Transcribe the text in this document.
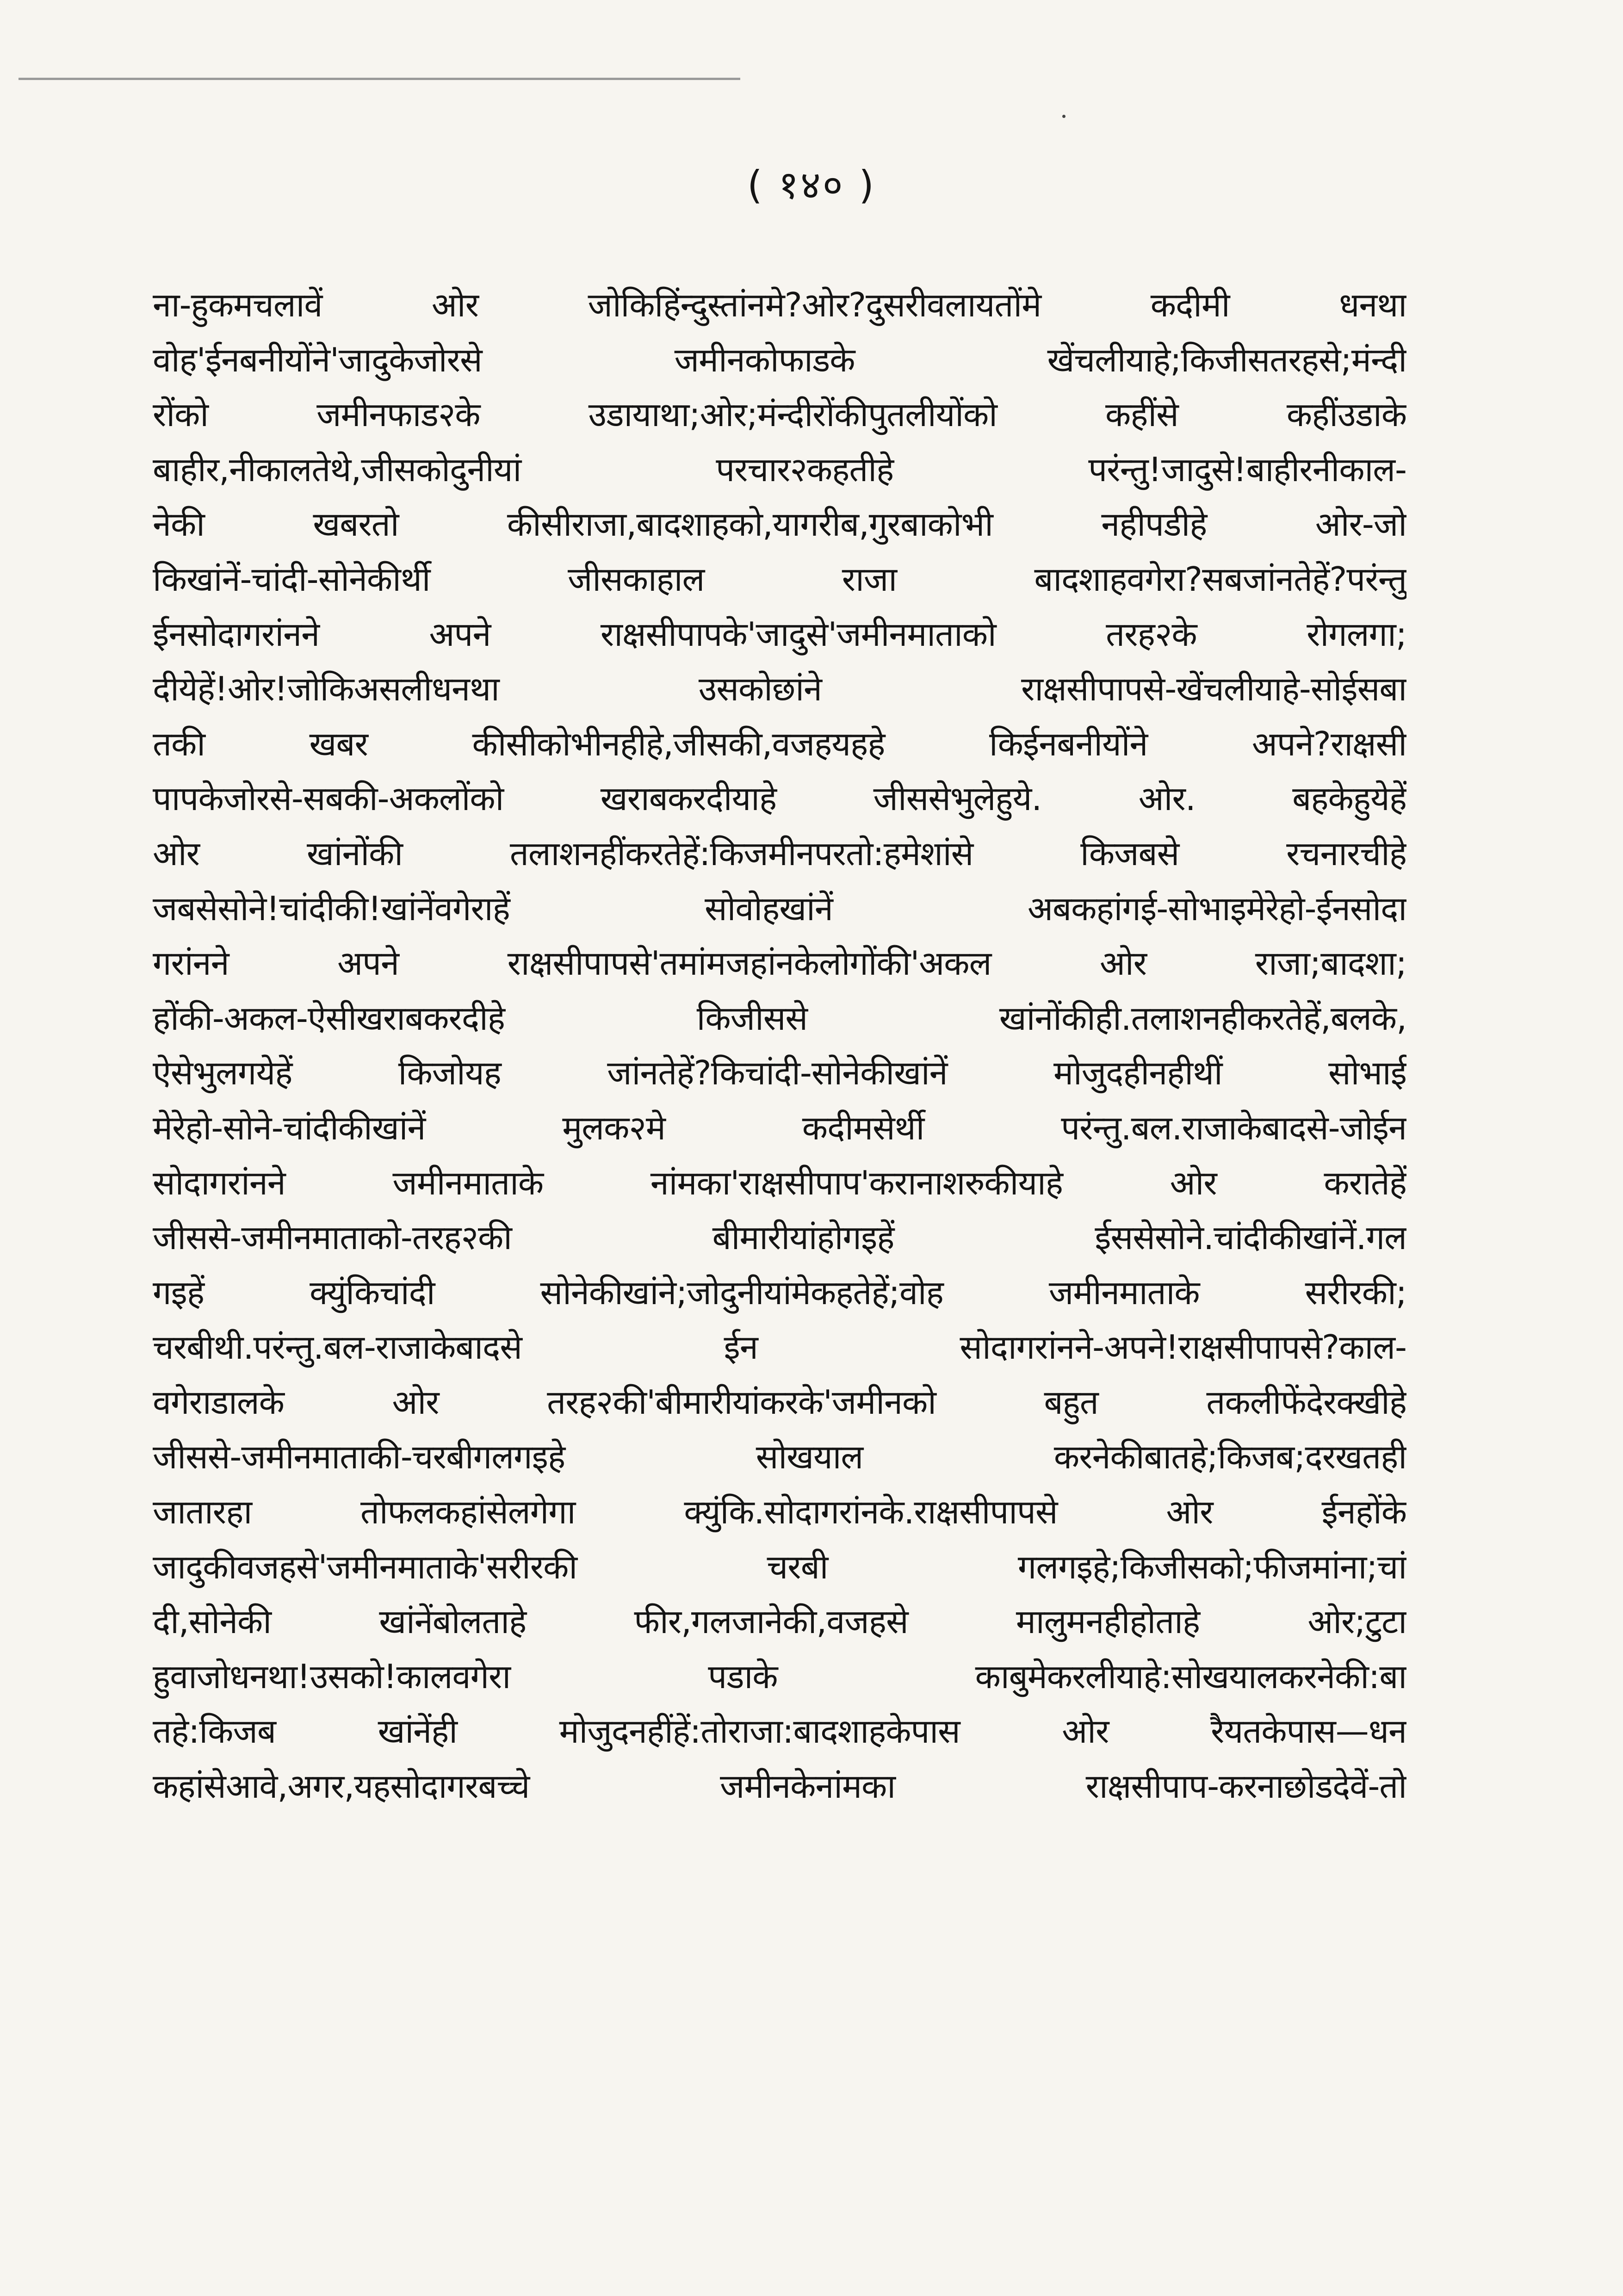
( १४० )
ना-हुकमचलावें ओर जोकिहिंन्दुस्तांनमे?ओर?दुसरीवलायतोंमे कदीमी धनथा
वोह'ईनबनीयोंने'जादुकेजोरसे जमीनकोफाडके खेंचलीयाहे;किजीसतरहसे;मंन्दी
रोंको जमीनफाड२के उडायाथा;ओर;मंन्दीरोंकीपुतलीयोंको कहींसे कहींउडाके
बाहीर,नीकालतेथे,जीसकोदुनीयां परचार२कहतीहे परंन्तु!जादुसे!बाहीरनीकाल-
नेकी खबरतो कीसीराजा,बादशाहको,यागरीब,गुरबाकोभी नहीपडीहे ओर-जो
किखांनें-चांदी-सोनेकीर्थी जीसकाहाल राजा बादशाहवगेरा?सबजांनतेहें?परंन्तु
ईनसोदागरांनने अपने राक्षसीपापके'जादुसे'जमीनमाताको तरह२के रोगलगा;
दीयेहें!ओर!जोकिअसलीधनथा उसकोछांने राक्षसीपापसे-खेंचलीयाहे-सोईसबा
तकी खबर कीसीकोभीनहीहे,जीसकी,वजहयहहे किईनबनीयोंने अपने?राक्षसी
पापकेजोरसे-सबकी-अकलोंको खराबकरदीयाहे जीससेभुलेहुये. ओर. बहकेहुयेहें
ओर खांनोंकी तलाशनहींकरतेहें:किजमीनपरतो:हमेशांसे किजबसे रचनारचीहे
जबसेसोने!चांदीकी!खांनेंवगेराहें सोवोहखांनें अबकहांगई-सोभाइमेरेहो-ईनसोदा
गरांनने अपने राक्षसीपापसे'तमांमजहांनकेलोगोंकी'अकल ओर राजा;बादशा;
होंकी-अकल-ऐसीखराबकरदीहे किजीससे खांनोंकीही.तलाशनहीकरतेहें,बलके,
ऐसेभुलगयेहें किजोयह जांनतेहें?किचांदी-सोनेकीखांनें मोजुदहीनहीथीं सोभाई
मेरेहो-सोने-चांदीकीखांनें मुलक२मे कदीमसेर्थी परंन्तु.बल.राजाकेबादसे-जोईन
सोदागरांनने जमीनमाताके नांमका'राक्षसीपाप'करानाशरुकीयाहे ओर करातेहें
जीससे-जमीनमाताको-तरह२की बीमारीयांहोगइहें ईससेसोने.चांदीकीखांनें.गल
गइहें क्युंकिचांदी सोनेकीखांने;जोदुनीयांमेकहतेहें;वोह जमीनमाताके सरीरकी;
चरबीथी.परंन्तु.बल-राजाकेबादसे ईन सोदागरांनने-अपने!राक्षसीपापसे?काल-
वगेराडालके ओर तरह२की'बीमारीयांकरके'जमीनको बहुत तकलीफेंदेरक्खीहे
जीससे-जमीनमाताकी-चरबीगलगइहे सोखयाल करनेकीबातहे;किजब;दरखतही
जातारहा तोफलकहांसेलगेगा क्युंकि.सोदागरांनके.राक्षसीपापसे ओर ईनहोंके
जादुकीवजहसे'जमीनमाताके'सरीरकी चरबी गलगइहे;किजीसको;फीजमांना;चां
दी,सोनेकी खांनेंबोलताहे फीर,गलजानेकी,वजहसे मालुमनहीहोताहे ओर;टुटा
हुवाजोधनथा!उसको!कालवगेरा पडाके काबुमेकरलीयाहे:सोखयालकरनेकी:बा
तहे:किजब खांनेंही मोजुदनहींहें:तोराजा:बादशाहकेपास ओर रैयतकेपास—धन
कहांसेआवे,अगर,यहसोदागरबच्चे जमीनकेनांमका राक्षसीपाप-करनाछोडदेवें-तो
